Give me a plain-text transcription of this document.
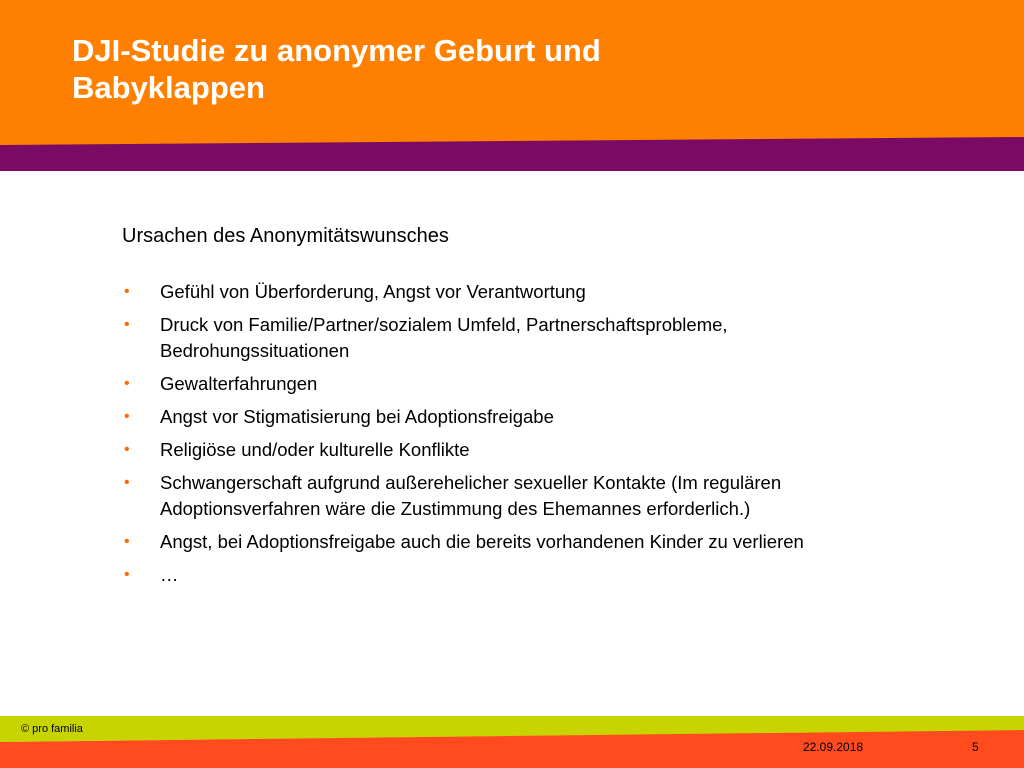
DJI-Studie zu anonymer Geburt und
Babyklappen
Ursachen des Anonymitätswunsches
• Gefühl von Überforderung, Angst vor Verantwortung
• Druck von Familie/Partner/sozialem Umfeld, Partnerschaftsprobleme, Bedrohungssituationen
• Gewalterfahrungen
• Angst vor Stigmatisierung bei Adoptionsfreigabe
• Religiöse und/oder kulturelle Konflikte
• Schwangerschaft aufgrund außerehelicher sexueller Kontakte (Im regulären Adoptionsverfahren wäre die Zustimmung des Ehemannes erforderlich.)
• Angst, bei Adoptionsfreigabe auch die bereits vorhandenen Kinder zu verlieren
• …
© pro familia
22.09.2018	5
